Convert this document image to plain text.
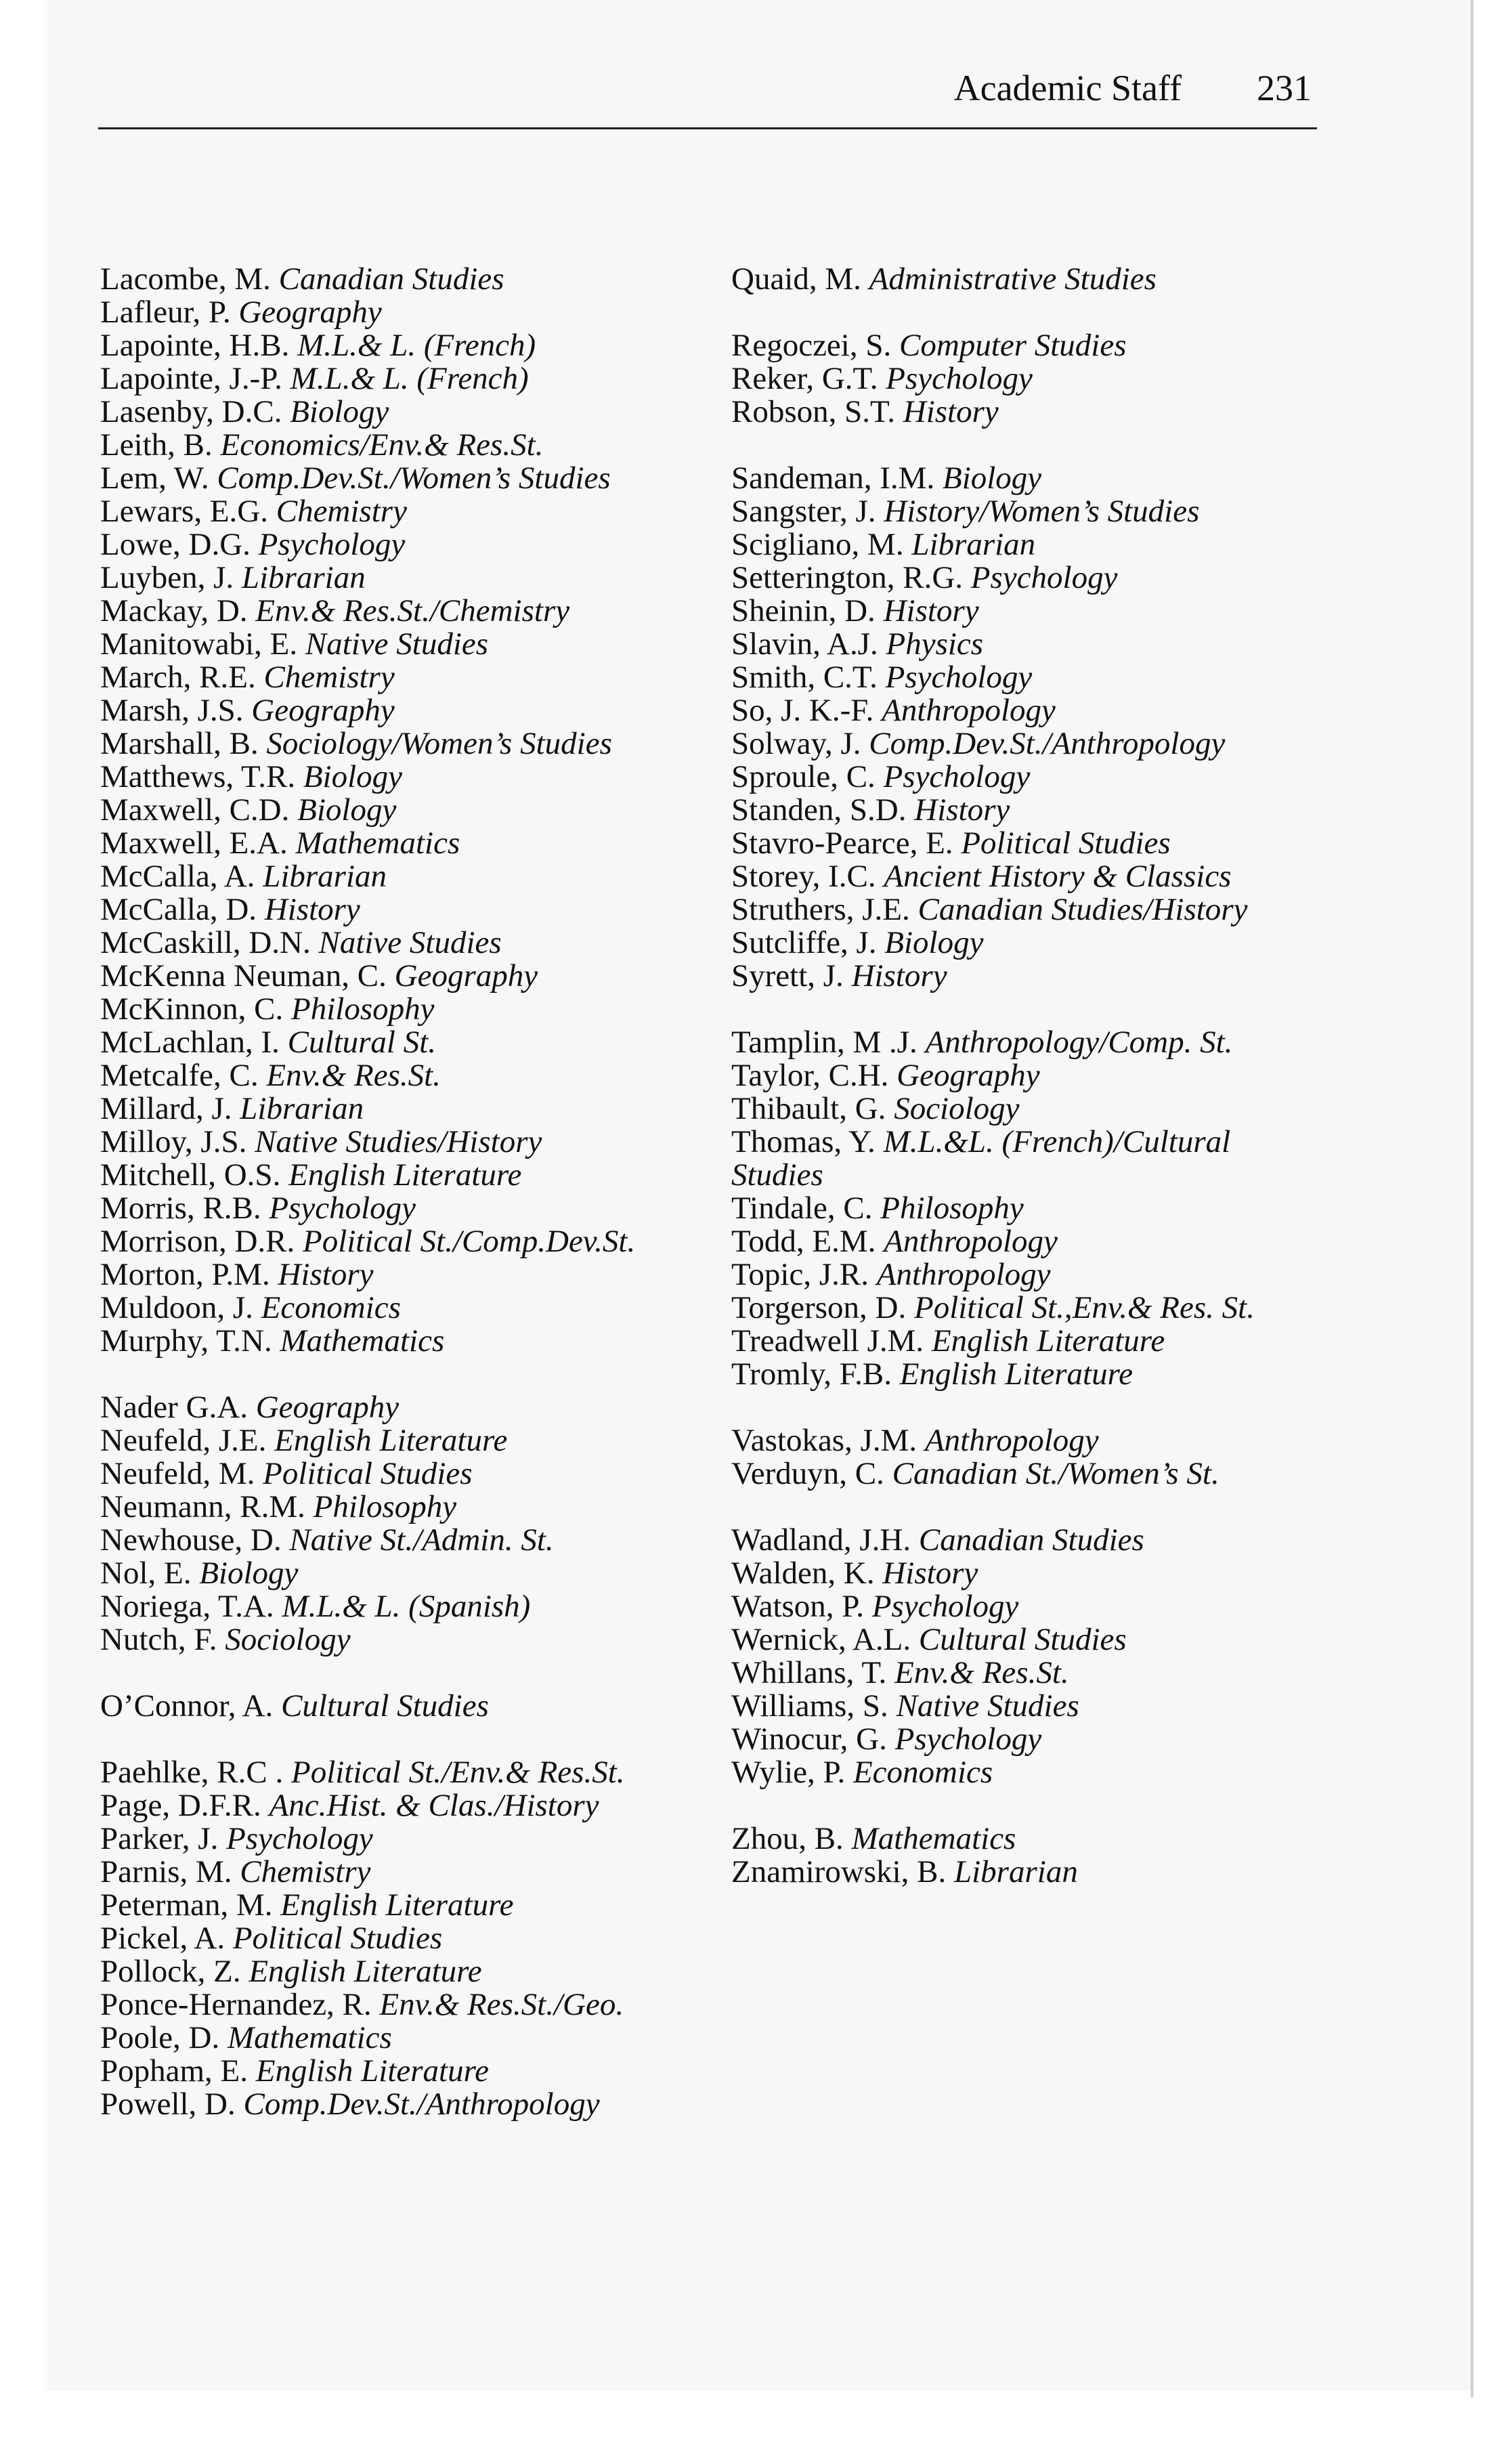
Academic Staff 231
Lacombe, M. Canadian Studies
Lafleur, P. Geography
Lapointe, H.B. M.L.& L. (French)
Lapointe, J.-P. M.L.& L. (French)
Lasenby, D.C. Biology
Leith, B. Economics/Env.& Res.St.
Lem, W. Comp.Dev.St./Women’s Studies
Lewars, E.G. Chemistry
Lowe, D.G. Psychology
Luyben, J. Librarian
Mackay, D. Env.& Res.St./Chemistry
Manitowabi, E. Native Studies
March, R.E. Chemistry
Marsh, J.S. Geography
Marshall, B. Sociology/Women’s Studies
Matthews, T.R. Biology
Maxwell, C.D. Biology
Maxwell, E.A. Mathematics
McCalla, A. Librarian
McCalla, D. History
McCaskill, D.N. Native Studies
McKenna Neuman, C. Geography
McKinnon, C. Philosophy
McLachlan, I. Cultural St.
Metcalfe, C. Env.& Res.St.
Millard, J. Librarian
Milloy, J.S. Native Studies/History
Mitchell, O.S. English Literature
Morris, R.B. Psychology
Morrison, D.R. Political St./Comp.Dev.St.
Morton, P.M. History
Muldoon, J. Economics
Murphy, T.N. Mathematics
Nader G.A. Geography
Neufeld, J.E. English Literature
Neufeld, M. Political Studies
Neumann, R.M. Philosophy
Newhouse, D. Native St./Admin. St.
Nol, E. Biology
Noriega, T.A. M.L.& L. (Spanish)
Nutch, F. Sociology
O’Connor, A. Cultural Studies
Paehlke, R.C . Political St./Env.& Res.St.
Page, D.F.R. Anc.Hist. & Clas./History
Parker, J. Psychology
Parnis, M. Chemistry
Peterman, M. English Literature
Pickel, A. Political Studies
Pollock, Z. English Literature
Ponce-Hernandez, R. Env.& Res.St./Geo.
Poole, D. Mathematics
Popham, E. English Literature
Powell, D. Comp.Dev.St./Anthropology
Quaid, M. Administrative Studies
Regoczei, S. Computer Studies
Reker, G.T. Psychology
Robson, S.T. History
Sandeman, I.M. Biology
Sangster, J. History/Women’s Studies
Scigliano, M. Librarian
Setterington, R.G. Psychology
Sheinin, D. History
Slavin, A.J. Physics
Smith, C.T. Psychology
So, J. K.-F. Anthropology
Solway, J. Comp.Dev.St./Anthropology
Sproule, C. Psychology
Standen, S.D. History
Stavro-Pearce, E. Political Studies
Storey, I.C. Ancient History & Classics
Struthers, J.E. Canadian Studies/History
Sutcliffe, J. Biology
Syrett, J. History
Tamplin, M .J. Anthropology/Comp. St.
Taylor, C.H. Geography
Thibault, G. Sociology
Thomas, Y. M.L.&L. (French)/Cultural
Studies
Tindale, C. Philosophy
Todd, E.M. Anthropology
Topic, J.R. Anthropology
Torgerson, D. Political St.,Env.& Res. St.
Treadwell J.M. English Literature
Tromly, F.B. English Literature
Vastokas, J.M. Anthropology
Verduyn, C. Canadian St./Women’s St.
Wadland, J.H. Canadian Studies
Walden, K. History
Watson, P. Psychology
Wernick, A.L. Cultural Studies
Whillans, T. Env.& Res.St.
Williams, S. Native Studies
Winocur, G. Psychology
Wylie, P. Economics
Zhou, B. Mathematics
Znamirowski, B. Librarian
